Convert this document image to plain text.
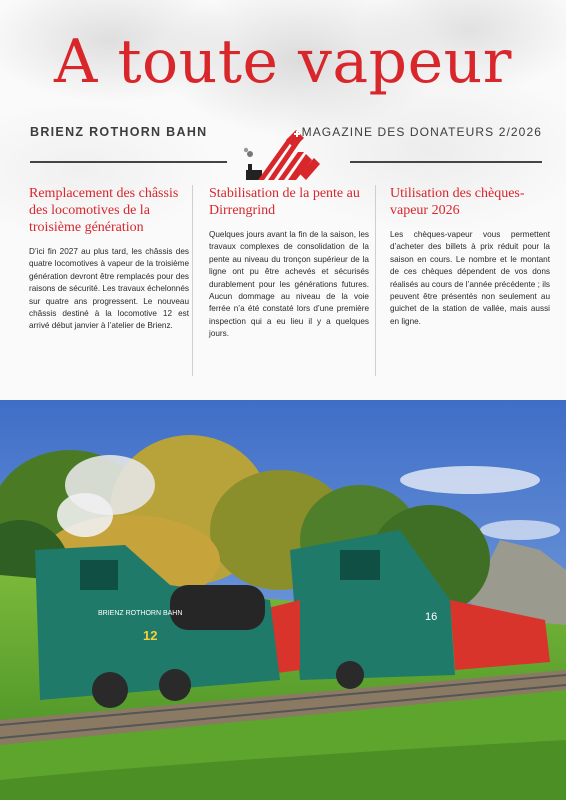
A toute vapeur
BRIENZ ROTHORN BAHN	MAGAZINE DES DONATEURS 2/2026
Remplacement des châssis des locomotives de la troisième génération

D’ici fin 2027 au plus tard, les châssis des quatre locomotives à vapeur de la troisième génération devront être remplacés pour des raisons de sécurité. Les travaux échelonnés sur quatre ans progressent. Le nouveau châssis destiné à la locomotive 12 est arrivé début janvier à l’atelier de Brienz.

Stabilisation de la pente au Dirrengrind

Quelques jours avant la fin de la saison, les travaux complexes de consolidation de la pente au niveau du tronçon supérieur de la ligne ont pu être achevés et sécurisés durablement pour les générations futures. Aucun dommage au niveau de la voie ferrée n’a été constaté lors d’une première inspection qui a eu lieu il y a quelques jours.

Utilisation des chèques-vapeur 2026

Les chèques-vapeur vous permettent d’acheter des billets à prix réduit pour la saison en cours. Le nombre et le montant de ces chèques dépendent de vos dons réalisés au cours de l’année précédente ; ils peuvent être présentés non seulement au guichet de la station de vallée, mais aussi en ligne.

16
BRIENZ ROTHORN BAHN
12
